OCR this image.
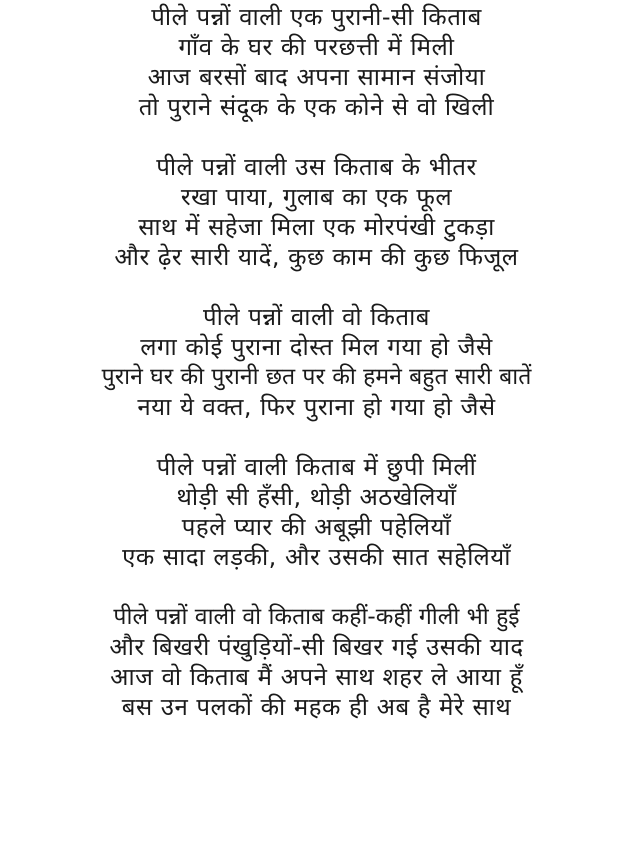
पीले पन्नों वाली एक पुरानी-सी किताब
गाँव के घर की परछत्ती में मिली
आज बरसों बाद अपना सामान संजोया
तो पुराने संदूक के एक कोने से वो खिली
पीले पन्नों वाली उस किताब के भीतर
रखा पाया, गुलाब का एक फूल
साथ में सहेजा मिला एक मोरपंखी टुकड़ा
और ढ़ेर सारी यादें, कुछ काम की कुछ फिजूल
पीले पन्नों वाली वो किताब
लगा कोई पुराना दोस्त मिल गया हो जैसे
पुराने घर की पुरानी छत पर की हमने बहुत सारी बातें
नया ये वक्त, फिर पुराना हो गया हो जैसे
पीले पन्नों वाली किताब में छुपी मिलीं
थोड़ी सी हँसी, थोड़ी अठखेलियाँ
पहले प्यार की अबूझी पहेलियाँ
एक सादा लड़की, और उसकी सात सहेलियाँ
पीले पन्नों वाली वो किताब कहीं-कहीं गीली भी हुई
और बिखरी पंखुड़ियों-सी बिखर गई उसकी याद
आज वो किताब मैं अपने साथ शहर ले आया हूँ
बस उन पलकों की महक ही अब है मेरे साथ
